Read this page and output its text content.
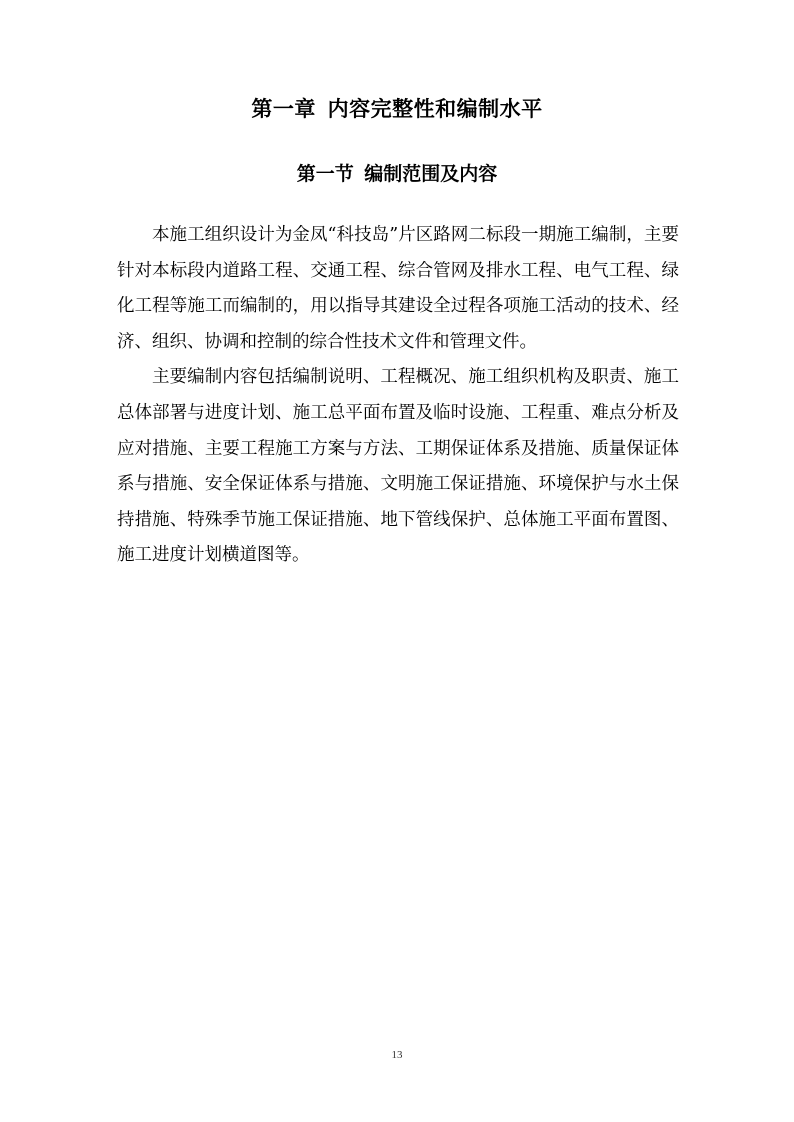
第一章 内容完整性和编制水平
第一节 编制范围及内容

本施工组织设计为金凤“科技岛”片区路网二标段一期施工编制，主要针对本标段内道路工程、交通工程、综合管网及排水工程、电气工程、绿化工程等施工而编制的，用以指导其建设全过程各项施工活动的技术、经济、组织、协调和控制的综合性技术文件和管理文件。

主要编制内容包括编制说明、工程概况、施工组织机构及职责、施工总体部署与进度计划、施工总平面布置及临时设施、工程重、难点分析及应对措施、主要工程施工方案与方法、工期保证体系及措施、质量保证体系与措施、安全保证体系与措施、文明施工保证措施、环境保护与水土保持措施、特殊季节施工保证措施、地下管线保护、总体施工平面布置图、施工进度计划横道图等。

13
